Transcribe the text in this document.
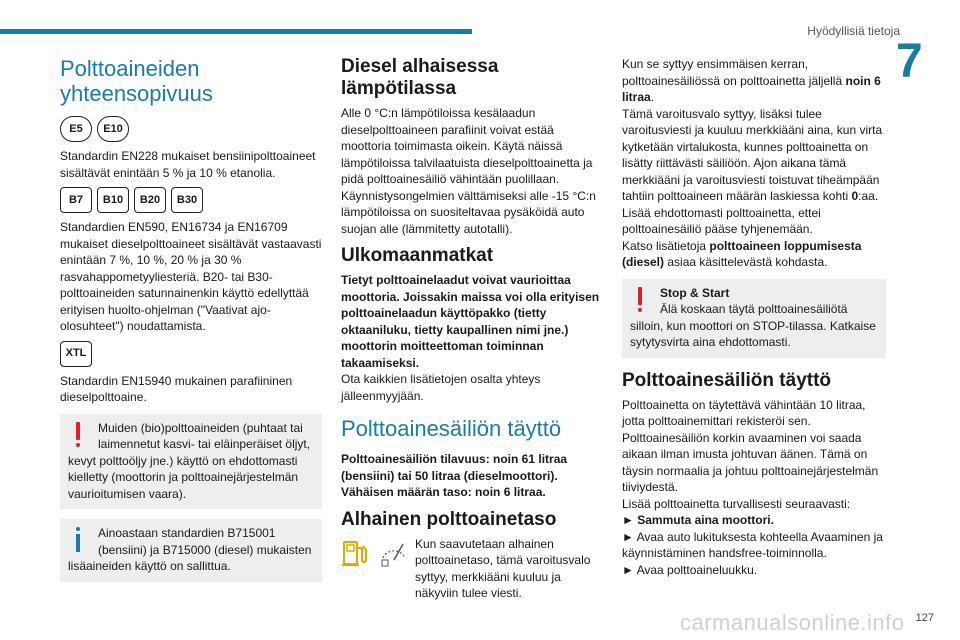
Hyödyllisiä tietoja
7
Polttoaineiden yhteensopivuus
E5	E10

Standardin EN228 mukaiset bensiinipolttoaineet sisältävät enintään 5 % ja 10 % etanolia.

B7	B10	B20	B30

Standardien EN590, EN16734 ja EN16709 mukaiset dieselpolttoaineet sisältävät vastaavasti enintään 7 %, 10 %, 20 % ja 30 % rasvahappometyyliesteriä. B20- tai B30-polttoaineiden satunnainenkin käyttö edellyttää erityisen huolto-ohjelman ("Vaativat ajo-olosuhteet") noudattamista.

XTL

Standardin EN15940 mukainen parafiininen dieselpolttoaine.

Muiden (bio)polttoaineiden (puhtaat tai laimennetut kasvi- tai eläinperäiset öljyt, kevyt polttoöljy jne.) käyttö on ehdottomasti kielletty (moottorin ja polttoainejärjestelmän vaurioitumisen vaara).
Ainoastaan standardien B715001 (bensiini) ja B715000 (diesel) mukaisten lisäaineiden käyttö on sallittua.
Diesel alhaisessa lämpötilassa

Alle 0 °C:n lämpötiloissa kesälaadun dieselpolttoaineen parafiinit voivat estää moottoria toimimasta oikein. Käytä näissä lämpötiloissa talvilaatuista dieselpolttoainetta ja pidä polttoainesäiliö vähintään puolillaan. Käynnistysongelmien välttämiseksi alle -15 °C:n lämpötiloissa on suositeltavaa pysäköidä auto suojan alle (lämmitetty autotalli).

Ulkomaanmatkat

Tietyt polttoainelaadut voivat vaurioittaa moottoria. Joissakin maissa voi olla erityisen polttoainelaadun käyttöpakko (tietty oktaaniluku, tietty kaupallinen nimi jne.) moottorin moitteettoman toiminnan takaamiseksi.

Ota kaikkien lisätietojen osalta yhteys jälleenmyyjään.

Polttoainesäiliön täyttö

Polttoainesäiliön tilavuus: noin 61 litraa (bensiini) tai 50 litraa (dieselmoottori). Vähäisen määrän taso: noin 6 litraa.

Alhainen polttoainetaso
Kun saavutetaan alhainen polttoainetaso, tämä varoitusvalo syttyy, merkkiääni kuuluu ja näkyviin tulee viesti.

Kun se syttyy ensimmäisen kerran, polttoainesäiliössä on polttoainetta jäljellä noin 6 litraa.

Tämä varoitusvalo syttyy, lisäksi tulee varoitusviesti ja kuuluu merkkiääni aina, kun virta kytketään virtalukosta, kunnes polttoainetta on lisätty riittävästi säiliöön. Ajon aikana tämä merkkiääni ja varoitusviesti toistuvat tiheämpään tahtiin polttoaineen määrän laskiessa kohti 0:aa.

Lisää ehdottomasti polttoainetta, ettei polttoainesäiliö pääse tyhjenemään.

Katso lisätietoja polttoaineen loppumisesta (diesel) asiaa käsittelevästä kohdasta.

Stop & Start
Älä koskaan täytä polttoainesäiliötä silloin, kun moottori on STOP-tilassa. Katkaise sytytysvirta aina ehdottomasti.
Polttoainesäiliön täyttö

Polttoainetta on täytettävä vähintään 10 litraa, jotta polttoainemittari rekisteröi sen. Polttoainesäiliön korkin avaaminen voi saada aikaan ilman imusta johtuvan äänen. Tämä on täysin normaalia ja johtuu polttoainejärjestelmän tiiviydestä.

Lisää polttoainetta turvallisesti seuraavasti:

► Sammuta aina moottori.

► Avaa auto lukituksesta kohteella Avaaminen ja käynnistäminen handsfree-toiminnolla.

► Avaa polttoaineluukku.

carmanualsonline.info 127
